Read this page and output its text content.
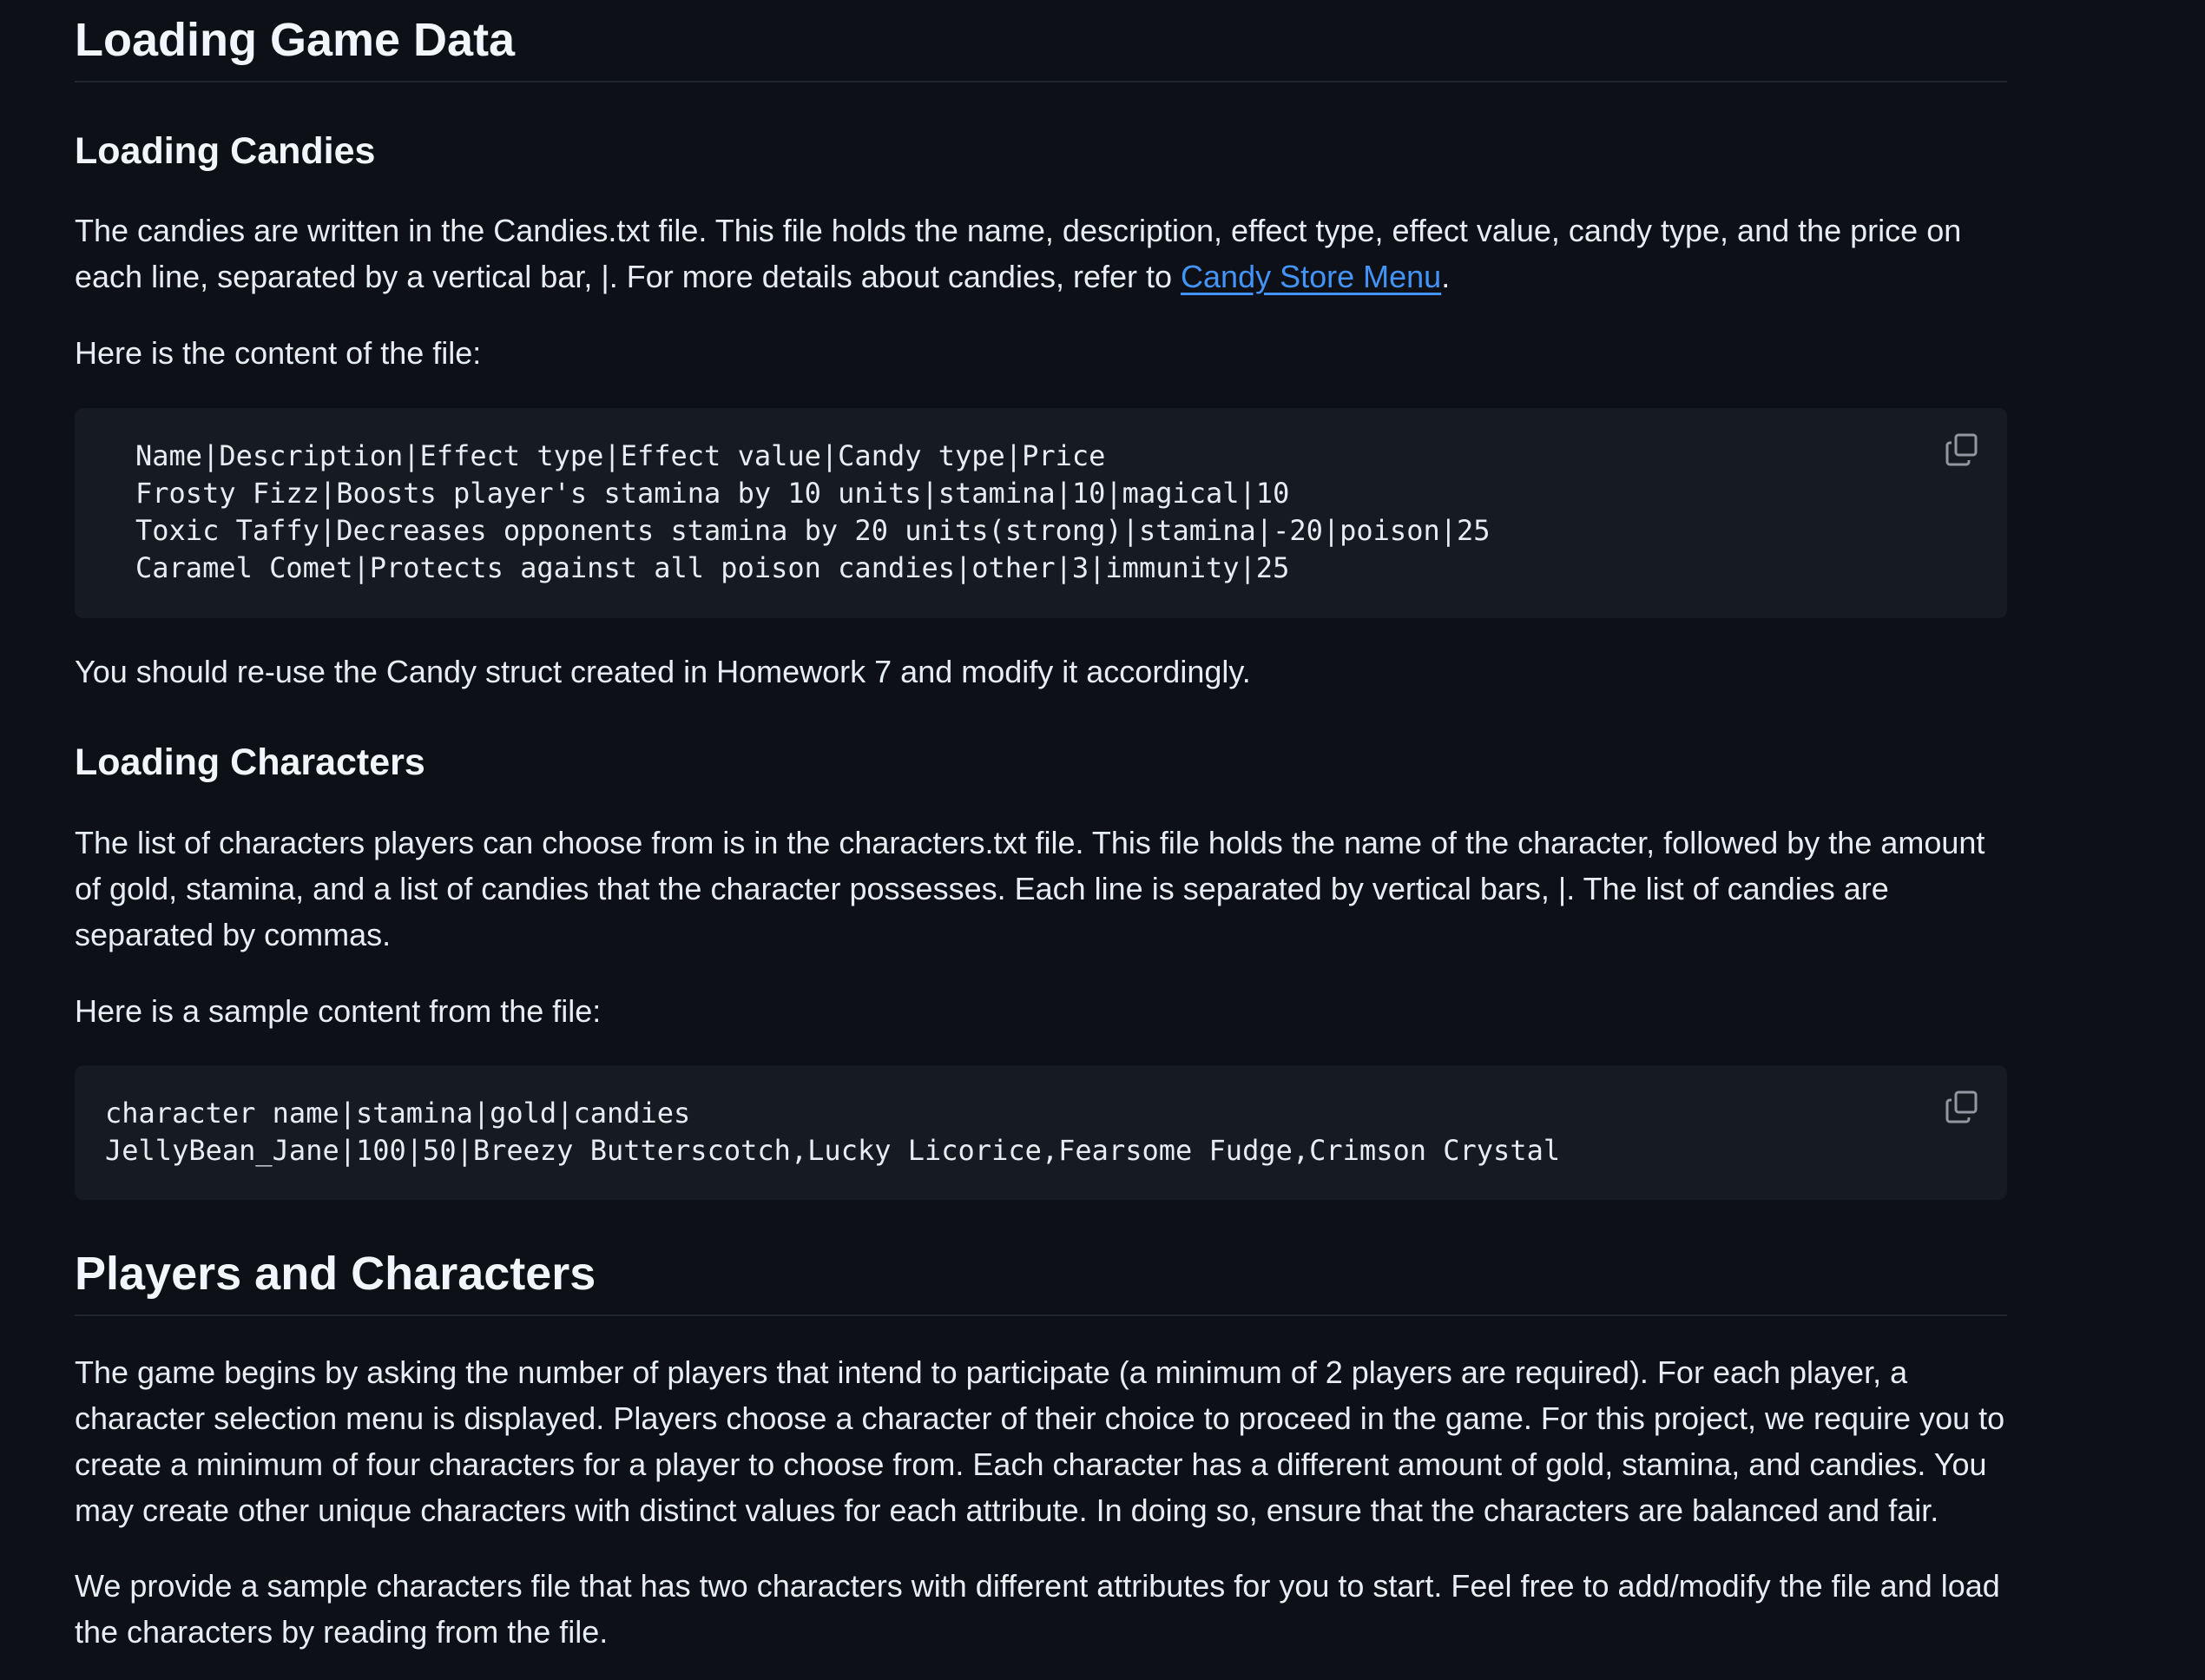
Loading Game Data
Loading Candies

The candies are written in the Candies.txt file. This file holds the name, description, effect type, effect value, candy type, and the price on each line, separated by a vertical bar, |. For more details about candies, refer to Candy Store Menu.

Here is the content of the file:

Name|Description|Effect type|Effect value|Candy type|Price
Frosty Fizz|Boosts player's stamina by 10 units|stamina|10|magical|10
Toxic Taffy|Decreases opponents stamina by 20 units(strong)|stamina|-20|poison|25
Caramel Comet|Protects against all poison candies|other|3|immunity|25

You should re-use the Candy struct created in Homework 7 and modify it accordingly.

Loading Characters

The list of characters players can choose from is in the characters.txt file. This file holds the name of the character, followed by the amount of gold, stamina, and a list of candies that the character possesses. Each line is separated by vertical bars, |. The list of candies are separated by commas.

Here is a sample content from the file:

character name|stamina|gold|candies
JellyBean_Jane|100|50|Breezy Butterscotch,Lucky Licorice,Fearsome Fudge,Crimson Crystal
Players and Characters

The game begins by asking the number of players that intend to participate (a minimum of 2 players are required). For each player, a character selection menu is displayed. Players choose a character of their choice to proceed in the game. For this project, we require you to create a minimum of four characters for a player to choose from. Each character has a different amount of gold, stamina, and candies. You may create other unique characters with distinct values for each attribute. In doing so, ensure that the characters are balanced and fair.

We provide a sample characters file that has two characters with different attributes for you to start. Feel free to add/modify the file and load the characters by reading from the file.
